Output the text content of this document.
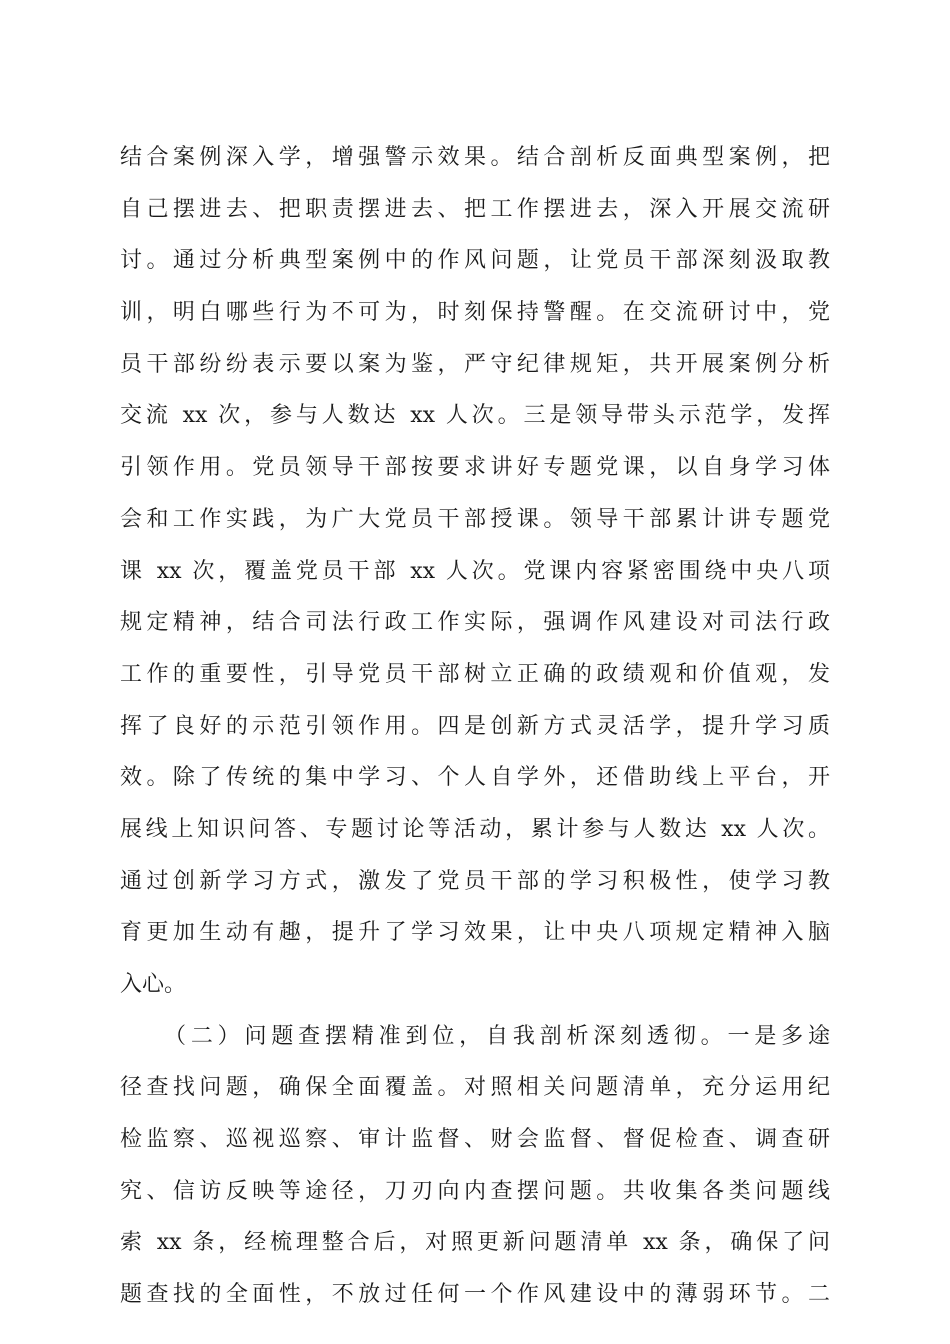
结合案例深入学，增强警示效果。结合剖析反面典型案例，把
自己摆进去、把职责摆进去、把工作摆进去，深入开展交流研
讨。通过分析典型案例中的作风问题，让党员干部深刻汲取教
训，明白哪些行为不可为，时刻保持警醒。在交流研讨中，党
员干部纷纷表示要以案为鉴，严守纪律规矩，共开展案例分析
交流 xx 次，参与人数达 xx 人次。三是领导带头示范学，发挥
引领作用。党员领导干部按要求讲好专题党课，以自身学习体
会和工作实践，为广大党员干部授课。领导干部累计讲专题党
课 xx 次，覆盖党员干部 xx 人次。党课内容紧密围绕中央八项
规定精神，结合司法行政工作实际，强调作风建设对司法行政
工作的重要性，引导党员干部树立正确的政绩观和价值观，发
挥了良好的示范引领作用。四是创新方式灵活学，提升学习质
效。除了传统的集中学习、个人自学外，还借助线上平台，开
展线上知识问答、专题讨论等活动，累计参与人数达 xx 人次。
通过创新学习方式，激发了党员干部的学习积极性，使学习教
育更加生动有趣，提升了学习效果，让中央八项规定精神入脑
入心。
（二）问题查摆精准到位，自我剖析深刻透彻。一是多途
径查找问题，确保全面覆盖。对照相关问题清单，充分运用纪
检监察、巡视巡察、审计监督、财会监督、督促检查、调查研
究、信访反映等途径，刀刃向内查摆问题。共收集各类问题线
索 xx 条，经梳理整合后，对照更新问题清单 xx 条，确保了问
题查找的全面性，不放过任何一个作风建设中的薄弱环节。二
